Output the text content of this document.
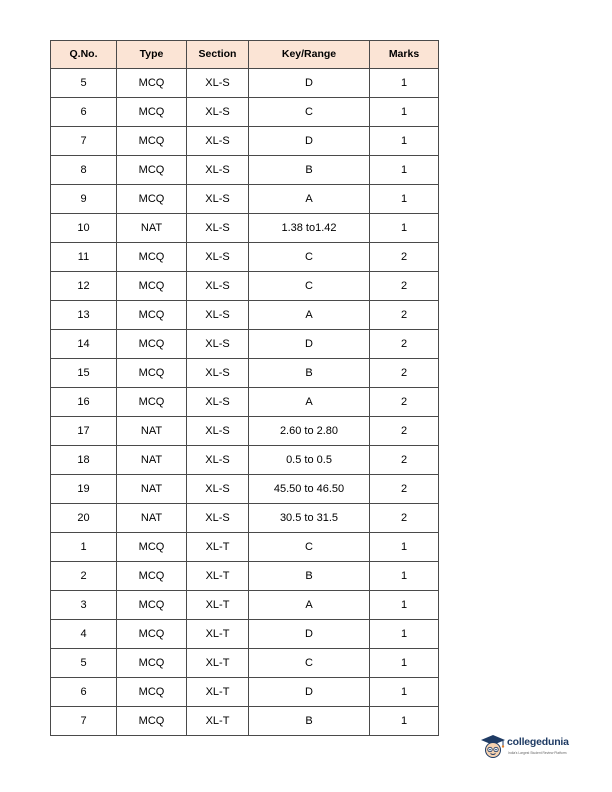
Q.No.	Type	Section	Key/Range	Marks
5	MCQ	XL-S	D	1
6	MCQ	XL-S	C	1
7	MCQ	XL-S	D	1
8	MCQ	XL-S	B	1
9	MCQ	XL-S	A	1
10	NAT	XL-S	1.38 to1.42	1
11	MCQ	XL-S	C	2
12	MCQ	XL-S	C	2
13	MCQ	XL-S	A	2
14	MCQ	XL-S	D	2
15	MCQ	XL-S	B	2
16	MCQ	XL-S	A	2
17	NAT	XL-S	2.60 to 2.80	2
18	NAT	XL-S	0.5 to 0.5	2
19	NAT	XL-S	45.50 to 46.50	2
20	NAT	XL-S	30.5 to 31.5	2
1	MCQ	XL-T	C	1
2	MCQ	XL-T	B	1
3	MCQ	XL-T	A	1
4	MCQ	XL-T	D	1
5	MCQ	XL-T	C	1
6	MCQ	XL-T	D	1
7	MCQ	XL-T	B	1
collegedunia
India's Largest Student Review Platform
